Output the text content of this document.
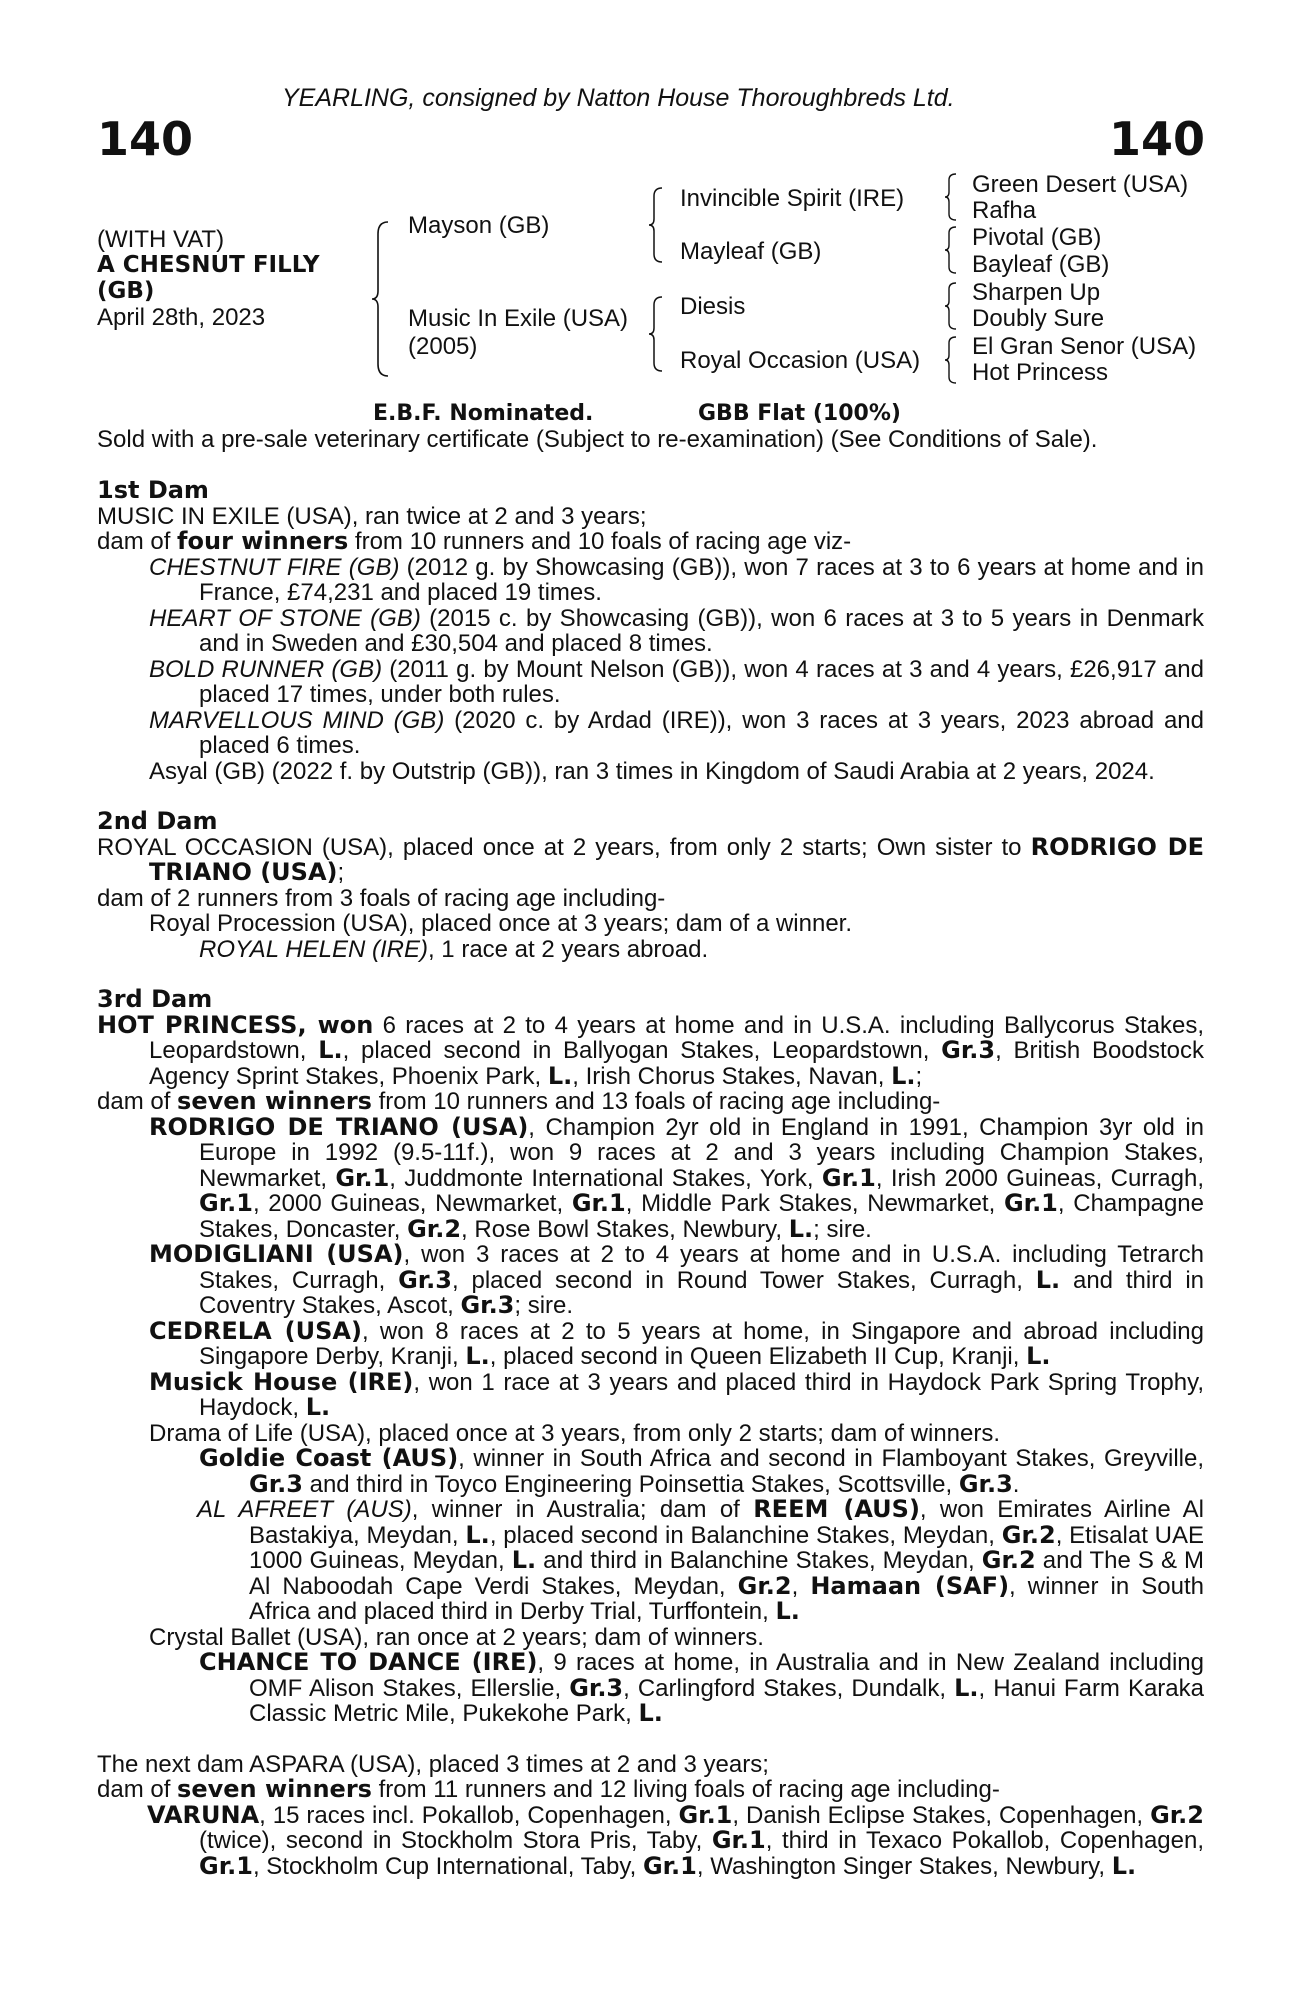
YEARLING, consigned by Natton House Thoroughbreds Ltd.
140	140
(WITH VAT)
A CHESNUT FILLY
(GB)
April 28th, 2023
Mayson (GB)
Music In Exile (USA)
(2005)
Invincible Spirit (IRE)
Mayleaf (GB)
Diesis
Royal Occasion (USA)
Green Desert (USA)
Rafha
Pivotal (GB)
Bayleaf (GB)
Sharpen Up
Doubly Sure
El Gran Senor (USA)
Hot Princess
E.B.F. Nominated.	GBB Flat (100%)
Sold with a pre-sale veterinary certificate (Subject to re-examination) (See Conditions of Sale).

1st Dam

MUSIC IN EXILE (USA), ran twice at 2 and 3 years;

dam of four winners from 10 runners and 10 foals of racing age viz-

CHESTNUT FIRE (GB) (2012 g. by Showcasing (GB)), won 7 races at 3 to 6 years at home and in France, £74,231 and placed 19 times.

HEART OF STONE (GB) (2015 c. by Showcasing (GB)), won 6 races at 3 to 5 years in Denmark and in Sweden and £30,504 and placed 8 times.

BOLD RUNNER (GB) (2011 g. by Mount Nelson (GB)), won 4 races at 3 and 4 years, £26,917 and placed 17 times, under both rules.

MARVELLOUS MIND (GB) (2020 c. by Ardad (IRE)), won 3 races at 3 years, 2023 abroad and placed 6 times.

Asyal (GB) (2022 f. by Outstrip (GB)), ran 3 times in Kingdom of Saudi Arabia at 2 years, 2024.

2nd Dam

ROYAL OCCASION (USA), placed once at 2 years, from only 2 starts; Own sister to RODRIGO DE TRIANO (USA);

dam of 2 runners from 3 foals of racing age including-

Royal Procession (USA), placed once at 3 years; dam of a winner.

ROYAL HELEN (IRE), 1 race at 2 years abroad.

3rd Dam

HOT PRINCESS, won 6 races at 2 to 4 years at home and in U.S.A. including Ballycorus Stakes, Leopardstown, L., placed second in Ballyogan Stakes, Leopardstown, Gr.3, British Boodstock Agency Sprint Stakes, Phoenix Park, L., Irish Chorus Stakes, Navan, L.;

dam of seven winners from 10 runners and 13 foals of racing age including-

RODRIGO DE TRIANO (USA), Champion 2yr old in England in 1991, Champion 3yr old in Europe in 1992 (9.5-11f.), won 9 races at 2 and 3 years including Champion Stakes, Newmarket, Gr.1, Juddmonte International Stakes, York, Gr.1, Irish 2000 Guineas, Curragh, Gr.1, 2000 Guineas, Newmarket, Gr.1, Middle Park Stakes, Newmarket, Gr.1, Champagne Stakes, Doncaster, Gr.2, Rose Bowl Stakes, Newbury, L.; sire.

MODIGLIANI (USA), won 3 races at 2 to 4 years at home and in U.S.A. including Tetrarch Stakes, Curragh, Gr.3, placed second in Round Tower Stakes, Curragh, L. and third in Coventry Stakes, Ascot, Gr.3; sire.

CEDRELA (USA), won 8 races at 2 to 5 years at home, in Singapore and abroad including Singapore Derby, Kranji, L., placed second in Queen Elizabeth II Cup, Kranji, L.

Musick House (IRE), won 1 race at 3 years and placed third in Haydock Park Spring Trophy, Haydock, L.

Drama of Life (USA), placed once at 3 years, from only 2 starts; dam of winners.

Goldie Coast (AUS), winner in South Africa and second in Flamboyant Stakes, Greyville, Gr.3 and third in Toyco Engineering Poinsettia Stakes, Scottsville, Gr.3.

AL AFREET (AUS), winner in Australia; dam of REEM (AUS), won Emirates Airline Al Bastakiya, Meydan, L., placed second in Balanchine Stakes, Meydan, Gr.2, Etisalat UAE 1000 Guineas, Meydan, L. and third in Balanchine Stakes, Meydan, Gr.2 and The S & M Al Naboodah Cape Verdi Stakes, Meydan, Gr.2, Hamaan (SAF), winner in South Africa and placed third in Derby Trial, Turffontein, L.

Crystal Ballet (USA), ran once at 2 years; dam of winners.

CHANCE TO DANCE (IRE), 9 races at home, in Australia and in New Zealand including OMF Alison Stakes, Ellerslie, Gr.3, Carlingford Stakes, Dundalk, L., Hanui Farm Karaka Classic Metric Mile, Pukekohe Park, L.

The next dam ASPARA (USA), placed 3 times at 2 and 3 years;

dam of seven winners from 11 runners and 12 living foals of racing age including-

VARUNA, 15 races incl. Pokallob, Copenhagen, Gr.1, Danish Eclipse Stakes, Copenhagen, Gr.2 (twice), second in Stockholm Stora Pris, Taby, Gr.1, third in Texaco Pokallob, Copenhagen, Gr.1, Stockholm Cup International, Taby, Gr.1, Washington Singer Stakes, Newbury, L.
